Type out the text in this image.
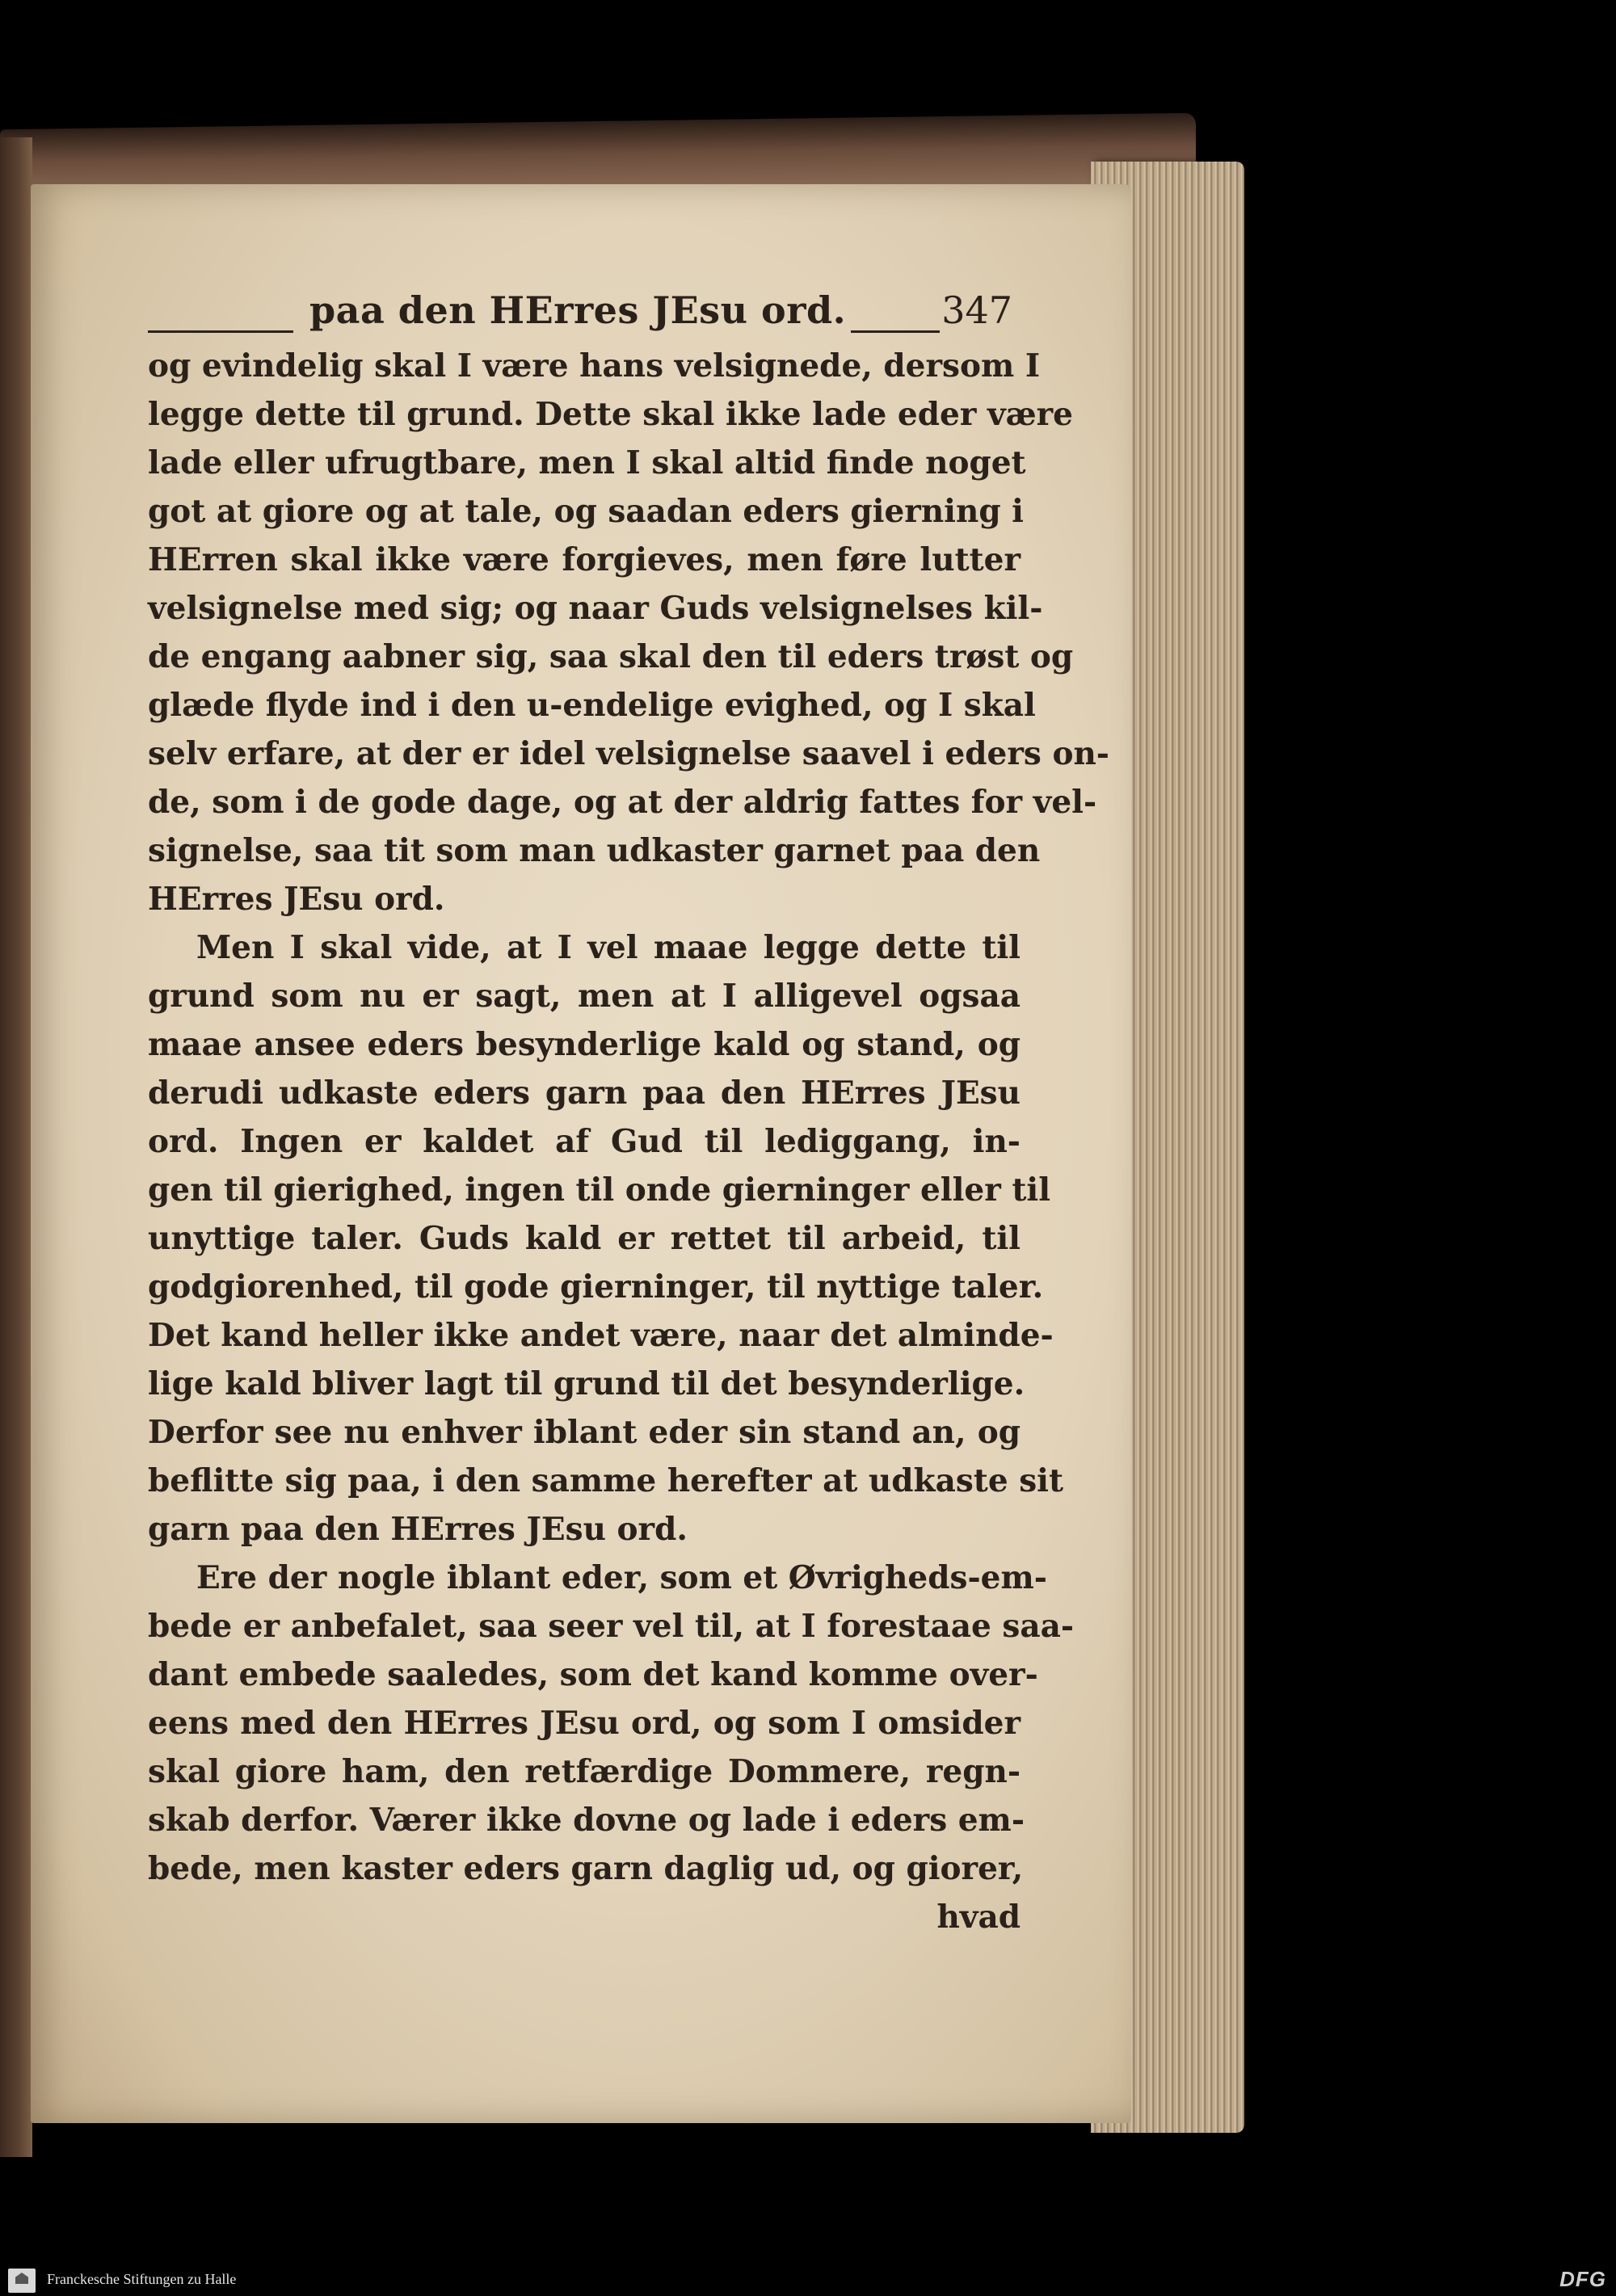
paa den HErres JEsu ord.	347
og evindelig skal I være hans velsignede, dersom I
legge dette til grund. Dette skal ikke lade eder være
lade eller ufrugtbare, men I skal altid finde noget
got at giore og at tale, og saadan eders gierning i
HErren skal ikke være forgieves, men føre lutter
velsignelse med sig; og naar Guds velsignelses kil-
de engang aabner sig, saa skal den til eders trøst og
glæde flyde ind i den u-endelige evighed, og I skal
selv erfare, at der er idel velsignelse saavel i eders on-
de, som i de gode dage, og at der aldrig fattes for vel-
signelse, saa tit som man udkaster garnet paa den
HErres JEsu ord.
Men I skal vide, at I vel maae legge dette til
grund som nu er sagt, men at I alligevel ogsaa
maae ansee eders besynderlige kald og stand, og
derudi udkaste eders garn paa den HErres JEsu
ord. Ingen er kaldet af Gud til lediggang, in-
gen til gierighed, ingen til onde gierninger eller til
unyttige taler. Guds kald er rettet til arbeid, til
godgiorenhed, til gode gierninger, til nyttige taler.
Det kand heller ikke andet være, naar det alminde-
lige kald bliver lagt til grund til det besynderlige.
Derfor see nu enhver iblant eder sin stand an, og
beflitte sig paa, i den samme herefter at udkaste sit
garn paa den HErres JEsu ord.
Ere der nogle iblant eder, som et Øvrigheds-em-
bede er anbefalet, saa seer vel til, at I forestaae saa-
dant embede saaledes, som det kand komme over-
eens med den HErres JEsu ord, og som I omsider
skal giore ham, den retfærdige Dommere, regn-
skab derfor. Værer ikke dovne og lade i eders em-
bede, men kaster eders garn daglig ud, og giorer,
hvad
Franckesche Stiftungen zu Halle	DFG
